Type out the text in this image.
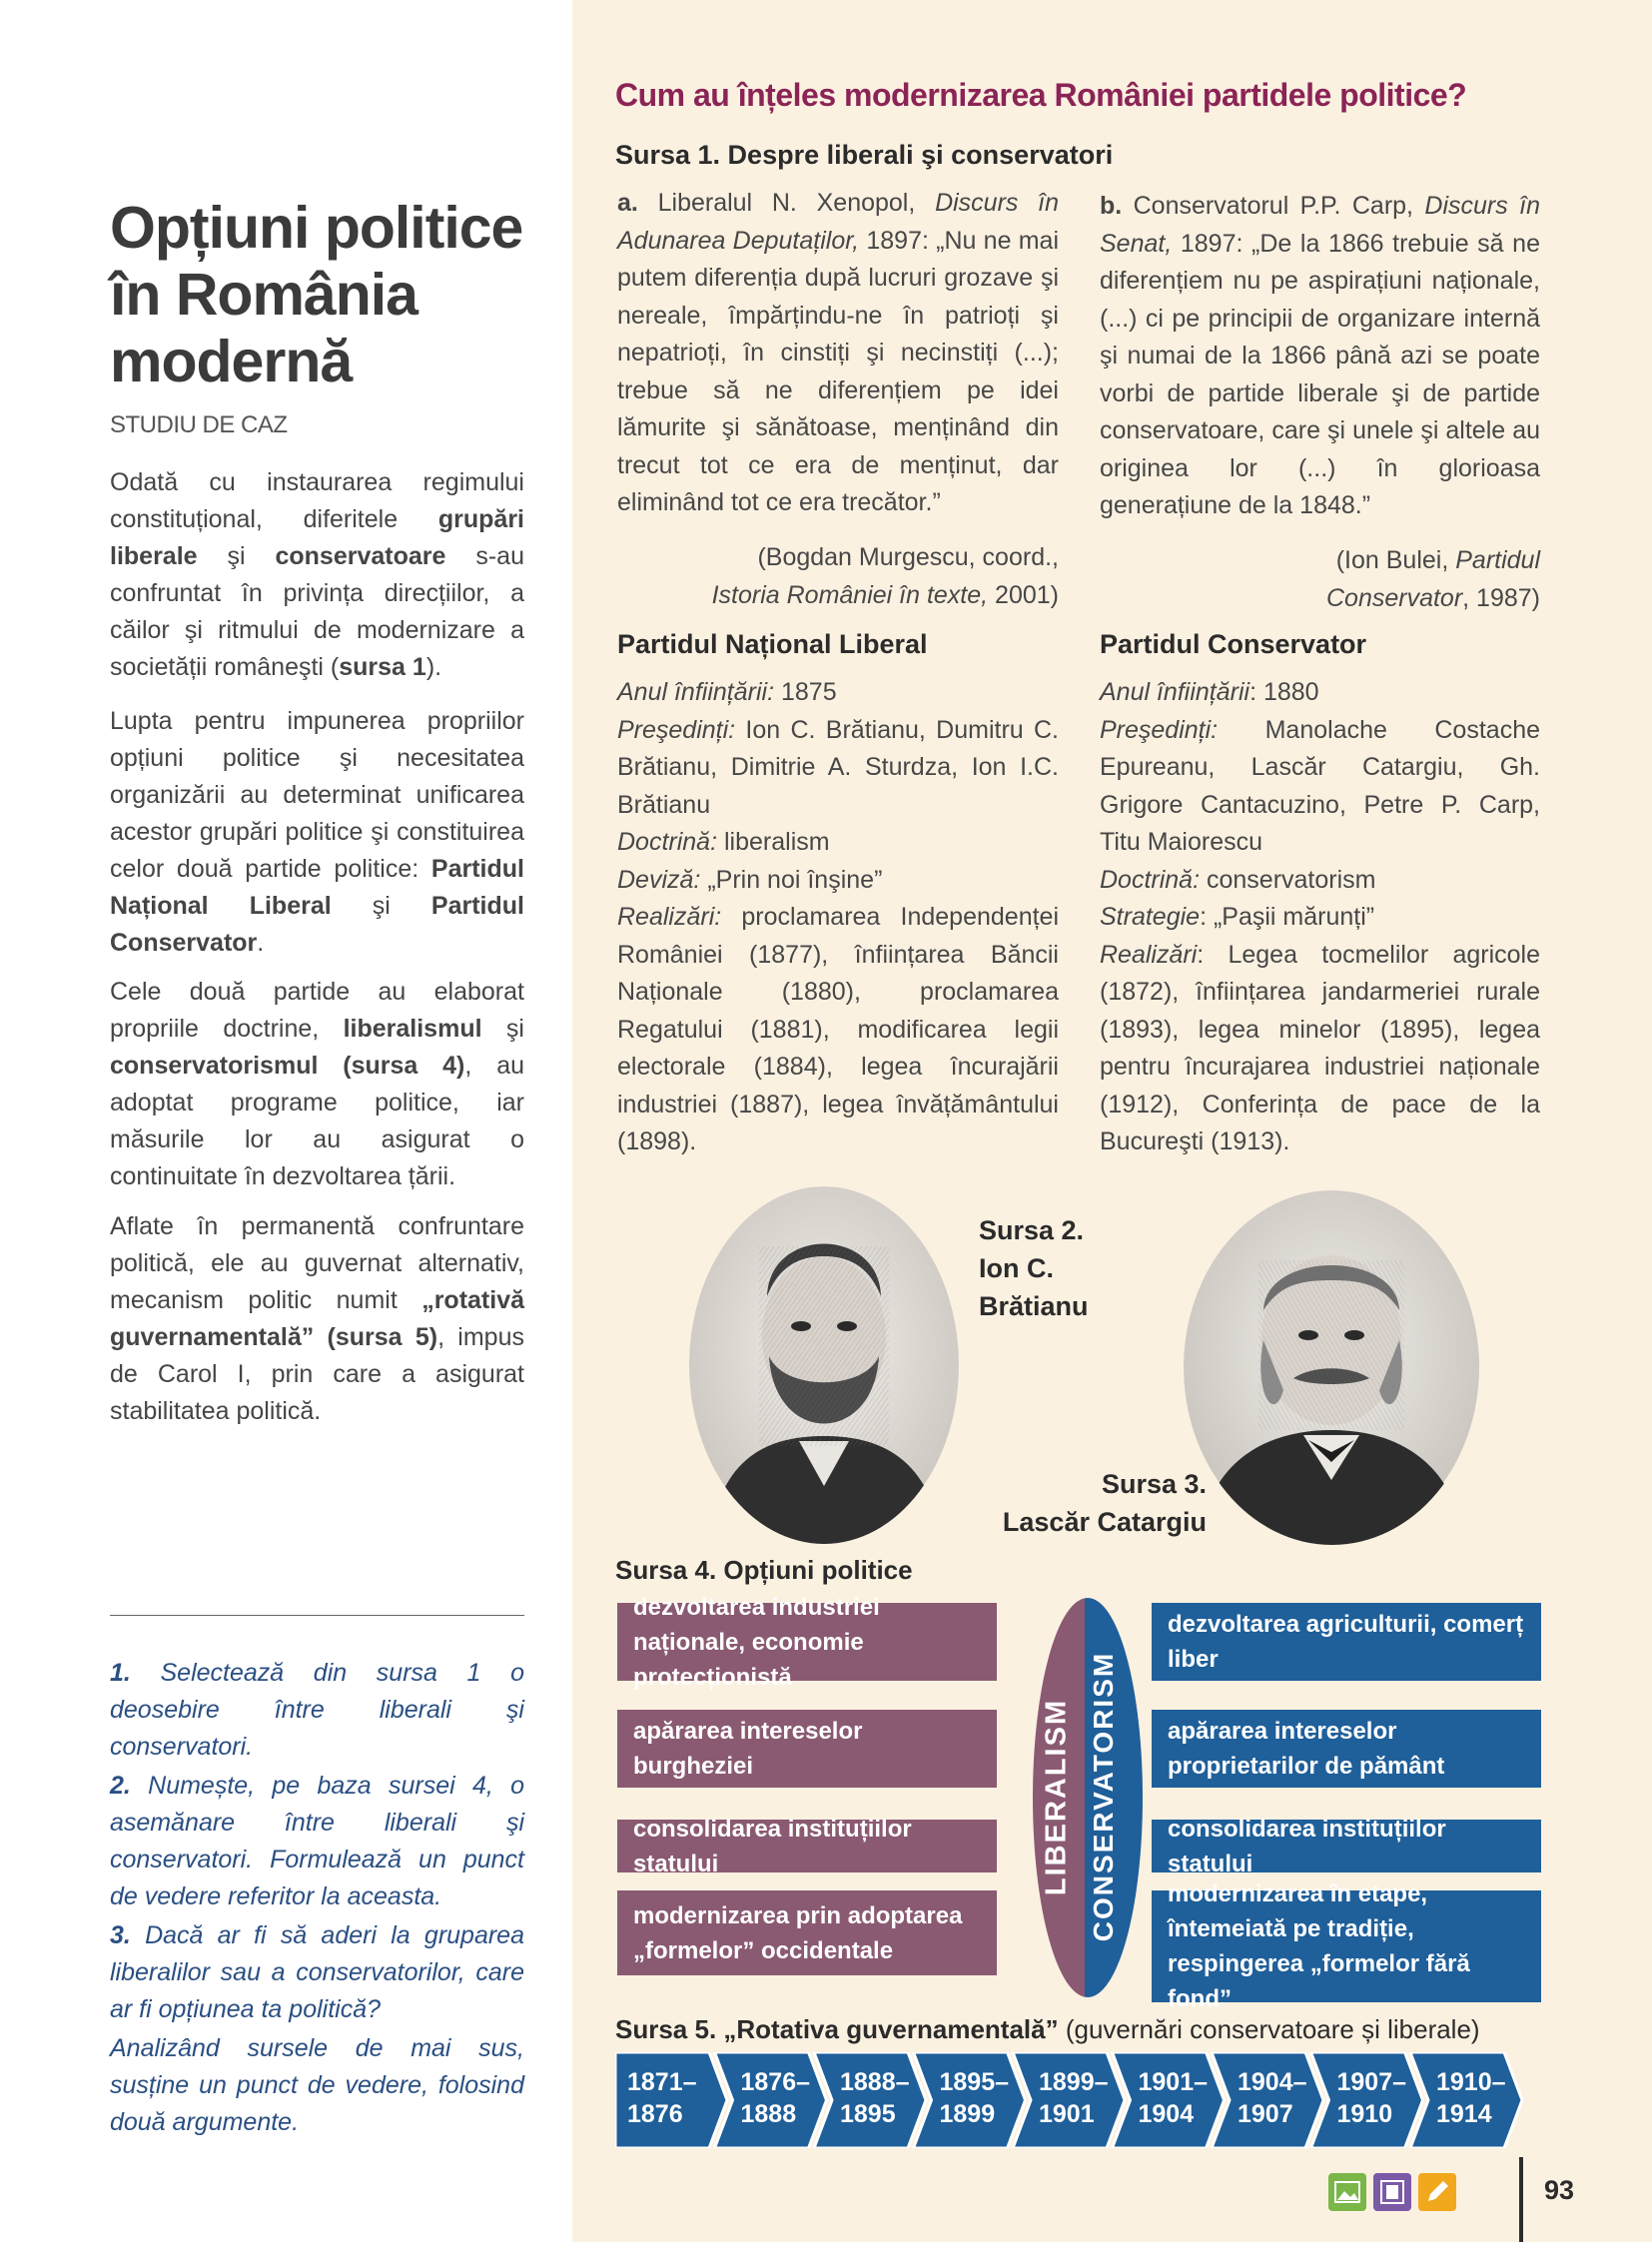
Opțiuni politice
în România
modernă
STUDIU DE CAZ
Odată cu instaurarea regimului constituțional, diferitele grupări liberale şi conservatoare s-au confruntat în privința direcțiilor, a căilor şi ritmului de modernizare a societății româneşti (sursa 1).
Lupta pentru impunerea propriilor opțiuni politice şi necesitatea organizării au determinat unificarea acestor grupări politice şi constituirea celor două partide politice: Partidul Național Liberal şi Partidul Conservator.
Cele două partide au elaborat propriile doctrine, liberalismul şi conservatorismul (sursa 4), au adoptat programe politice, iar măsurile lor au asigurat o continuitate în dezvoltarea țării.
Aflate în permanentă confruntare politică, ele au guvernat alternativ, mecanism politic numit „rotativă guvernamentală” (sursa 5), impus de Carol I, prin care a asigurat stabilitatea politică.

1. Selectează din sursa 1 o deosebire între liberali şi conservatori.

2. Numește, pe baza sursei 4, o asemănare între liberali şi conservatori. Formulează un punct de vedere referitor la aceasta.

3. Dacă ar fi să aderi la gruparea liberalilor sau a conservatorilor, care ar fi opțiunea ta politică?

Analizând sursele de mai sus, susține un punct de vedere, folosind două argumente.

Cum au înțeles modernizarea României partidele politice?
Sursa 1. Despre liberali şi conservatori
a. Liberalul N. Xenopol, Discurs în Adunarea Deputaților, 1897: „Nu ne mai putem diferenția după lucruri grozave şi nereale, împărțindu-ne în patrioți şi nepatrioți, în cinstiți şi necinstiți (...); trebue să ne diferențiem pe idei lămurite şi sănătoase, menținând din trecut tot ce era de menținut, dar eliminând tot ce era trecător.”
(Bogdan Murgescu, coord.,
Istoria României în texte, 2001)
b. Conservatorul P.P. Carp, Discurs în Senat, 1897: „De la 1866 trebuie să ne diferențiem nu pe aspirațiuni naționale, (...) ci pe principii de organizare internă şi numai de la 1866 până azi se poate vorbi de partide liberale şi de partide conservatoare, care şi unele şi altele au originea lor (...) în glorioasa generațiune de la 1848.”
(Ion Bulei, Partidul
Conservator, 1987)
Partidul Național Liberal
Anul înființării: 1875
Preşedinți: Ion C. Brătianu, Dumitru C. Brătianu, Dimitrie A. Sturdza, Ion I.C. Brătianu
Doctrină: liberalism
Deviză: „Prin noi înşine”
Realizări: proclamarea Independenței României (1877), înființarea Băncii Naționale (1880), proclamarea Regatului (1881), modificarea legii electorale (1884), legea încurajării industriei (1887), legea învățământului (1898).
Partidul Conservator
Anul înființării: 1880
Preşedinți: Manolache Costache Epureanu, Lascăr Catargiu, Gh. Grigore Cantacuzino, Petre P. Carp, Titu Maiorescu
Doctrină: conservatorism
Strategie: „Paşii mărunți”
Realizări: Legea tocmelilor agricole (1872), înființarea jandarmeriei rurale (1893), legea minelor (1895), legea pentru încurajarea industriei naționale (1912), Conferința de pace de la Bucureşti (1913).
Sursa 2.
Ion C.
Brătianu
Sursa 3.
Lascăr Catargiu
Sursa 4. Opțiuni politice
dezvoltarea industriei naționale, economie protecționistă
apărarea intereselor burgheziei
consolidarea instituțiilor statului
modernizarea prin adoptarea „formelor” occidentale
LIBERALISM CONSERVATORISM
dezvoltarea agriculturii, comerț liber
apărarea intereselor proprietarilor de pământ
consolidarea instituțiilor statului
modernizarea în etape, întemeiată pe tradiție, respingerea „formelor fără fond”
Sursa 5. „Rotativa guvernamentală” (guvernări conservatoare și liberale)
1871–
1876
1876–
1888
1888–
1895
1895–
1899
1899–
1901
1901–
1904
1904–
1907
1907–
1910
1910–
1914
93
